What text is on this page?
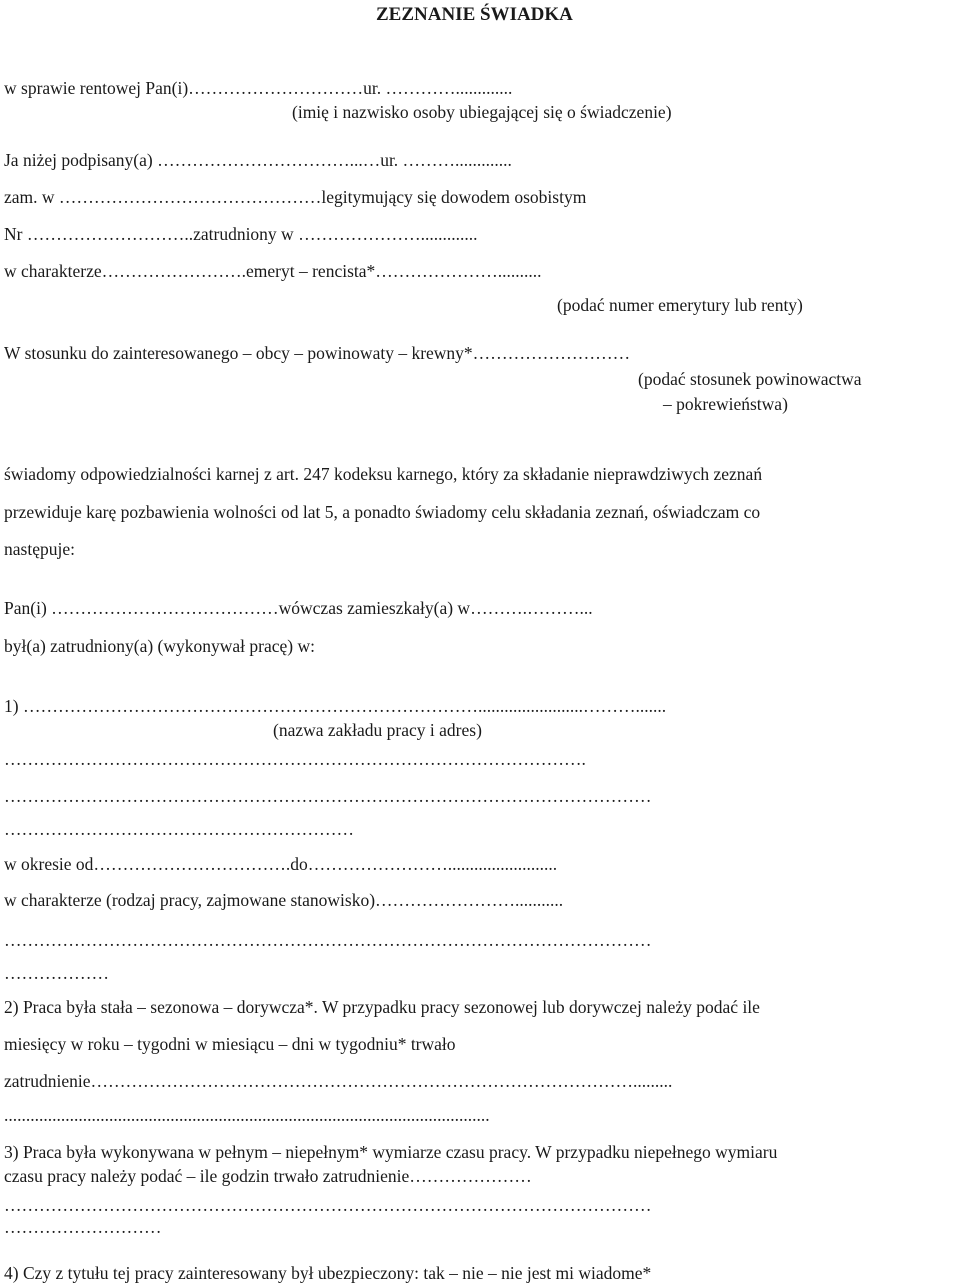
ZEZNANIE ŚWIADKA
w sprawie rentowej Pan(i)…………………………ur. ………….............
(imię i nazwisko osoby ubiegającej się o świadczenie)
Ja niżej podpisany(a) ……………………………...…ur. ……….............
zam. w ………………………………………legitymujący się dowodem osobistym
Nr ………………………..zatrudniony w ………………….............
w charakterze…………………….emeryt – rencista*…………………..........
(podać numer emerytury lub renty)
W stosunku do zainteresowanego – obcy – powinowaty – krewny*………………………
(podać stosunek powinowactwa
– pokrewieństwa)
świadomy odpowiedzialności karnej z art. 247 kodeksu karnego, który za składanie nieprawdziwych zeznań
przewiduje karę pozbawienia wolności od lat 5, a ponadto świadomy celu składania zeznań, oświadczam co
następuje:
Pan(i) …………………………………wówczas zamieszkały(a) w……….………...
był(a) zatrudniony(a) (wykonywał pracę) w:
1) ……………………………………………………………………........................……….......
(nazwa zakładu pracy i adres)
……………………………………………………………………………………….
…………………………………………………………………………………………………
……………………………………………………
w okresie od…………………………….do…………………….........................
w charakterze (rodzaj pracy, zajmowane stanowisko)……………………...........
…………………………………………………………………………………………………
………………
2) Praca była stała – sezonowa – dorywcza*. W przypadku pracy sezonowej lub dorywczej należy podać ile
miesięcy w roku – tygodni w miesiącu – dni w tygodniu* trwało
zatrudnienie………………………………………………………………………………….........
...............................................................................................................
3) Praca była wykonywana w pełnym – niepełnym* wymiarze czasu pracy. W przypadku niepełnego wymiaru
czasu pracy należy podać – ile godzin trwało zatrudnienie…………………
…………………………………………………………………………………………………
………………………
4) Czy z tytułu tej pracy zainteresowany był ubezpieczony: tak – nie – nie jest mi wiadome*
